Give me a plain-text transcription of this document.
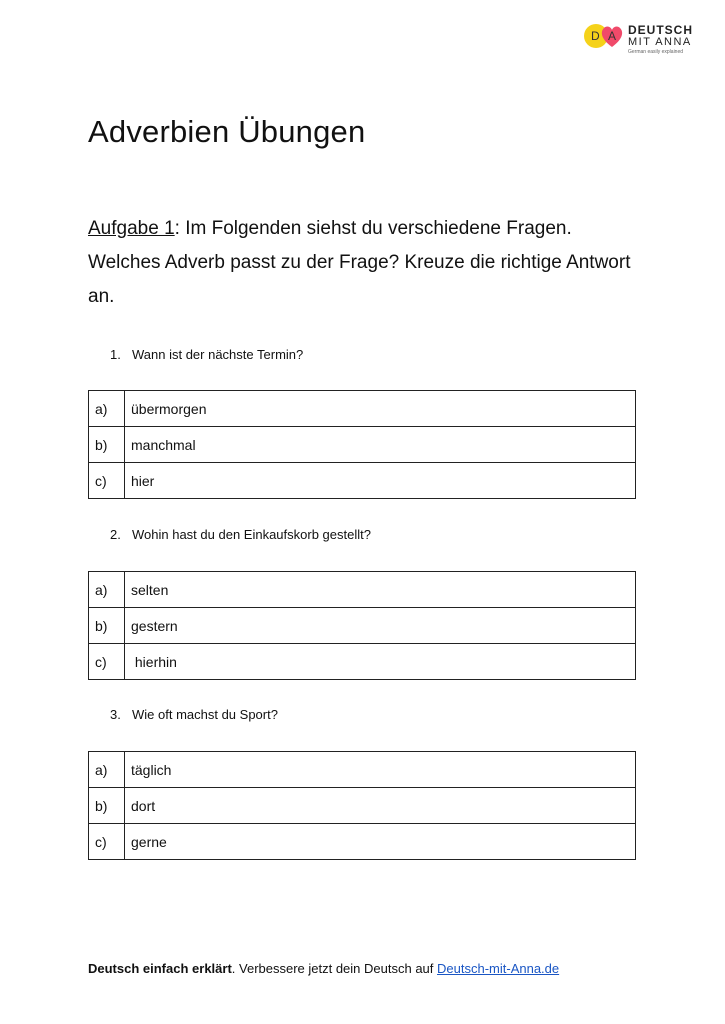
D A DEUTSCH
MIT ANNA
German easily explained
Adverbien Übungen

Aufgabe 1: Im Folgenden siehst du verschiedene Fragen. Welches Adverb passt zu der Frage? Kreuze die richtige Antwort an.

1. Wann ist der nächste Termin?

a)	übermorgen
b)	manchmal
c)	hier

2. Wohin hast du den Einkaufskorb gestellt?

a)	selten
b)	gestern
c)	hierhin

3. Wie oft machst du Sport?

a)	täglich
b)	dort
c)	gerne
Deutsch einfach erklärt. Verbessere jetzt dein Deutsch auf Deutsch-mit-Anna.de
